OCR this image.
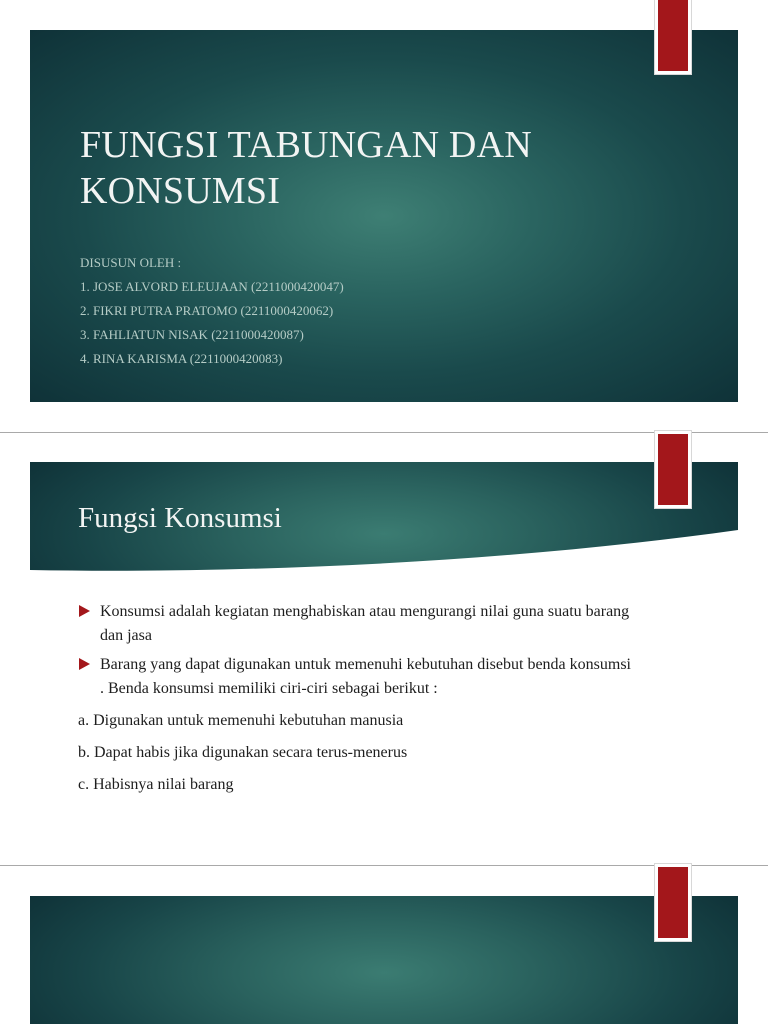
FUNGSI TABUNGAN DAN
KONSUMSI
DISUSUN OLEH :
1. JOSE ALVORD ELEUJAAN (2211000420047)
2. FIKRI PUTRA PRATOMO (2211000420062)
3. FAHLIATUN NISAK (2211000420087)
4. RINA KARISMA (2211000420083)
Fungsi Konsumsi
Konsumsi adalah kegiatan menghabiskan atau mengurangi nilai guna suatu barang dan jasa
Barang yang dapat digunakan untuk memenuhi kebutuhan disebut benda konsumsi . Benda konsumsi memiliki ciri-ciri sebagai berikut :
a. Digunakan untuk memenuhi kebutuhan manusia
b. Dapat habis jika digunakan secara terus-menerus
c. Habisnya nilai barang
